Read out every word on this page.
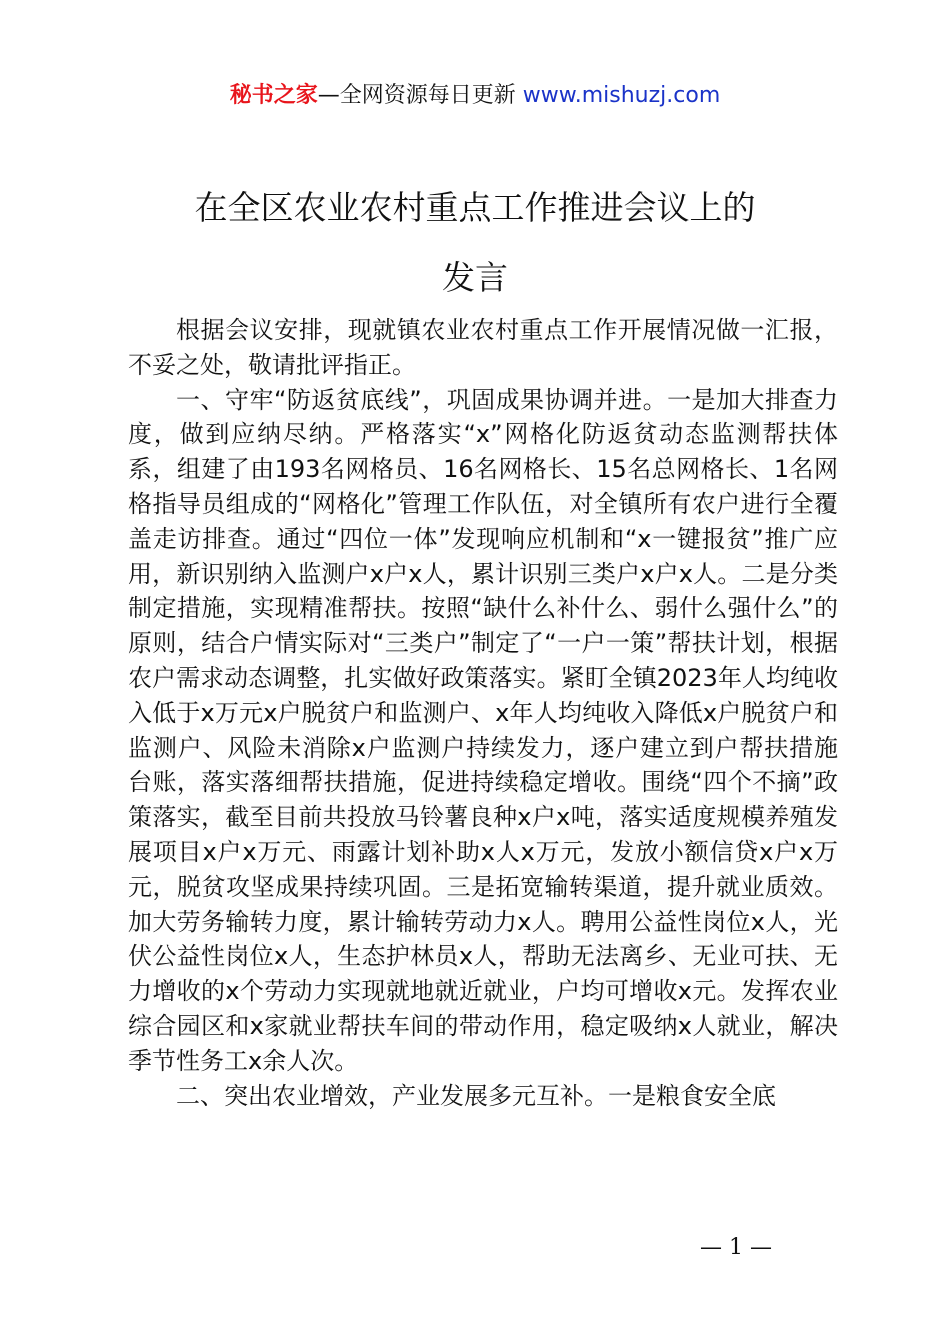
秘书之家—全网资源每日更新 www.mishuzj.com
在全区农业农村重点工作推进会议上的
发言

根据会议安排，现就镇农业农村重点工作开展情况做一汇报，不妥之处，敬请批评指正。

一、守牢“防返贫底线”，巩固成果协调并进。一是加大排查力度，做到应纳尽纳。严格落实“x”网格化防返贫动态监测帮扶体系，组建了由193名网格员、16名网格长、15名总网格长、1名网格指导员组成的“网格化”管理工作队伍，对全镇所有农户进行全覆盖走访排查。通过“四位一体”发现响应机制和“x一键报贫”推广应用，新识别纳入监测户x户x人，累计识别三类户x户x人。二是分类制定措施，实现精准帮扶。按照“缺什么补什么、弱什么强什么”的原则，结合户情实际对“三类户”制定了“一户一策”帮扶计划，根据农户需求动态调整，扎实做好政策落实。紧盯全镇2023年人均纯收入低于x万元x户脱贫户和监测户、x年人均纯收入降低x户脱贫户和监测户、风险未消除x户监测户持续发力，逐户建立到户帮扶措施台账，落实落细帮扶措施，促进持续稳定增收。围绕“四个不摘”政策落实，截至目前共投放马铃薯良种x户x吨，落实适度规模养殖发展项目x户x万元、雨露计划补助x人x万元，发放小额信贷x户x万元，脱贫攻坚成果持续巩固。三是拓宽输转渠道，提升就业质效。加大劳务输转力度，累计输转劳动力x人。聘用公益性岗位x人，光伏公益性岗位x人，生态护林员x人，帮助无法离乡、无业可扶、无力增收的x个劳动力实现就地就近就业，户均可增收x元。发挥农业综合园区和x家就业帮扶车间的带动作用，稳定吸纳x人就业，解决季节性务工x余人次。

二、突出农业增效，产业发展多元互补。一是粮食安全底

— 1 —
